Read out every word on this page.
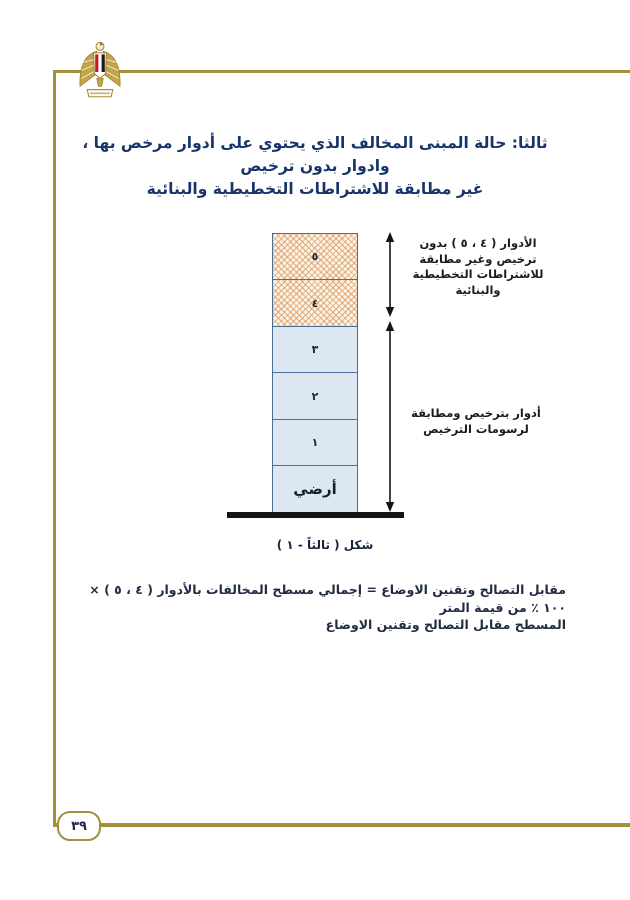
٣٩
ثالثا: حالة المبنى المخالف الذي يحتوي على أدوار مرخص بها ، وادوار بدون ترخيص
غير مطابقة للاشتراطات التخطيطية والبنائية
٥
٤
٣
٢
١
أرضي
الأدوار ( ٤ ، ٥ ) بدون
ترخيص وغير مطابقة
للاشتراطات التخطيطية
والبنائية
أدوار بترخيص ومطابقة
لرسومات الترخيص
شكل ( ثالثاً - ١ )
مقابل التصالح وتقنين الاوضاع = إجمالي مسطح المخالفات بالأدوار ( ٤ ، ٥ ) × ١٠٠ ٪ من قيمة المتر
المسطح مقابل التصالح وتقنين الاوضاع
